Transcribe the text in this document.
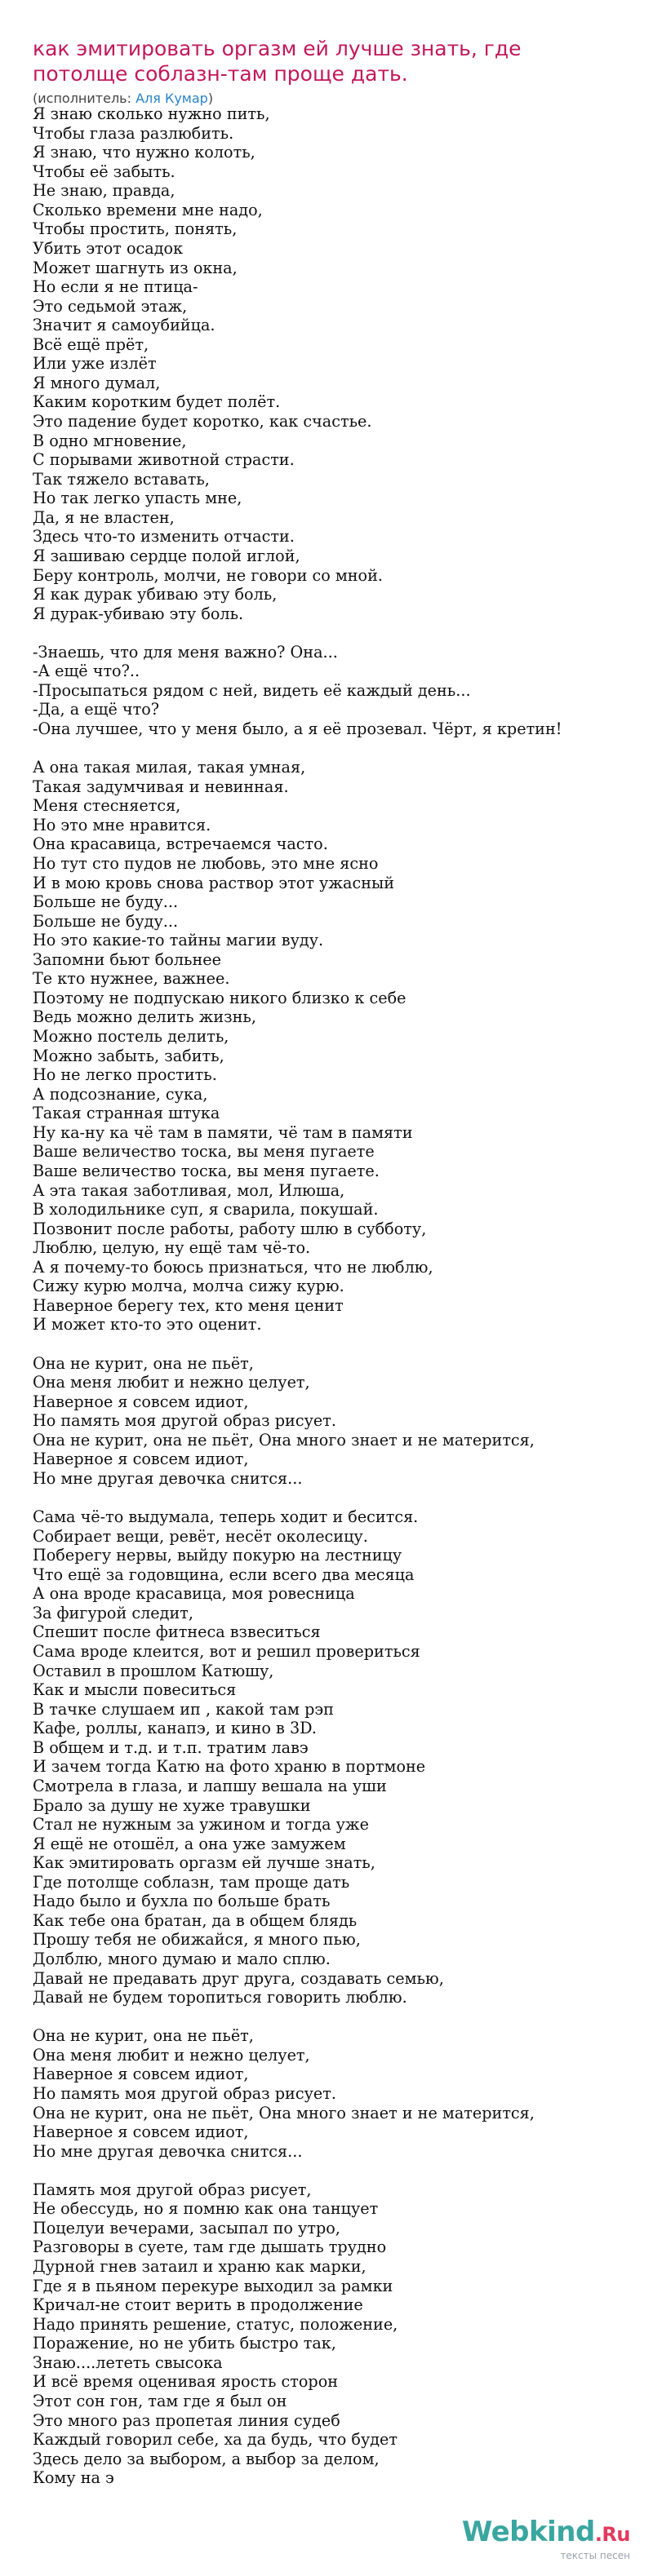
как эмитировать оргазм ей лучше знать, где потолще соблазн-там проще дать.
(исполнитель: Аля Кумар)
Я знаю сколько нужно пить,
Чтобы глаза разлюбить.
Я знаю, что нужно колоть,
Чтобы её забыть.
Не знаю, правда,
Сколько времени мне надо,
Чтобы простить, понять,
Убить этот осадок
Может шагнуть из окна,
Но если я не птица-
Это седьмой этаж,
Значит я самоубийца.
Всё ещё прёт,
Или уже излёт
Я много думал,
Каким коротким будет полёт.
Это падение будет коротко, как счастье.
В одно мгновение,
С порывами животной страсти.
Так тяжело вставать,
Но так легко упасть мне,
Да, я не властен,
Здесь что-то изменить отчасти.
Я зашиваю сердце полой иглой,
Беру контроль, молчи, не говори со мной.
Я как дурак убиваю эту боль,
Я дурак-убиваю эту боль.
-Знаешь, что для меня важно? Она...
-А ещё что?..
-Просыпаться рядом с ней, видеть её каждый день...
-Да, а ещё что?
-Она лучшее, что у меня было, а я её прозевал. Чёрт, я кретин!
А она такая милая, такая умная,
Такая задумчивая и невинная.
Меня стесняется,
Но это мне нравится.
Она красавица, встречаемся часто.
Но тут сто пудов не любовь, это мне ясно
И в мою кровь снова раствор этот ужасный
Больше не буду...
Больше не буду...
Но это какие-то тайны магии вуду.
Запомни бьют больнее
Те кто нужнее, важнее.
Поэтому не подпускаю никого близко к себе
Ведь можно делить жизнь,
Можно постель делить,
Можно забыть, забить,
Но не легко простить.
А подсознание, сука,
Такая странная штука
Ну ка-ну ка чё там в памяти, чё там в памяти
Ваше величество тоска, вы меня пугаете
Ваше величество тоска, вы меня пугаете.
А эта такая заботливая, мол, Илюша,
В холодильнике суп, я сварила, покушай.
Позвонит после работы, работу шлю в субботу,
Люблю, целую, ну ещё там чё-то.
А я почему-то боюсь признаться, что не люблю,
Сижу курю молча, молча сижу курю.
Наверное берегу тех, кто меня ценит
И может кто-то это оценит.
Она не курит, она не пьёт,
Она меня любит и нежно целует,
Наверное я совсем идиот,
Но память моя другой образ рисует.
Она не курит, она не пьёт, Она много знает и не матерится,
Наверное я совсем идиот,
Но мне другая девочка снится...
Сама чё-то выдумала, теперь ходит и бесится.
Собирает вещи, ревёт, несёт околесицу.
Поберегу нервы, выйду покурю на лестницу
Что ещё за годовщина, если всего два месяца
А она вроде красавица, моя ровесница
За фигурой следит,
Спешит после фитнеса взвеситься
Сама вроде клеится, вот и решил провериться
Оставил в прошлом Катюшу,
Как и мысли повеситься
В тачке слушаем ип , какой там рэп
Кафе, роллы, канапэ, и кино в 3D.
В общем и т.д. и т.п. тратим лавэ
И зачем тогда Катю на фото храню в портмоне
Смотрела в глаза, и лапшу вешала на уши
Брало за душу не хуже травушки
Стал не нужным за ужином и тогда уже
Я ещё не отошёл, а она уже замужем
Как эмитировать оргазм ей лучше знать,
Где потолще соблазн, там проще дать
Надо было и бухла по больше брать
Как тебе она братан, да в общем блядь
Прошу тебя не обижайся, я много пью,
Долблю, много думаю и мало сплю.
Давай не предавать друг друга, создавать семью,
Давай не будем торопиться говорить люблю.
Она не курит, она не пьёт,
Она меня любит и нежно целует,
Наверное я совсем идиот,
Но память моя другой образ рисует.
Она не курит, она не пьёт, Она много знает и не матерится,
Наверное я совсем идиот,
Но мне другая девочка снится...
Память моя другой образ рисует,
Не обессудь, но я помню как она танцует
Поцелуи вечерами, засыпал по утро,
Разговоры в суете, там где дышать трудно
Дурной гнев затаил и храню как марки,
Где я в пьяном перекуре выходил за рамки
Кричал-не стоит верить в продолжение
Надо принять решение, статус, положение,
Поражение, но не убить быстро так,
Знаю....лететь свысока
И всё время оценивая ярость сторон
Этот сон гон, там где я был он
Это много раз пропетая линия судеб
Каждый говорил себе, ха да будь, что будет
Здесь дело за выбором, а выбор за делом,
Кому на э
Webkind.Ru
тексты песен
